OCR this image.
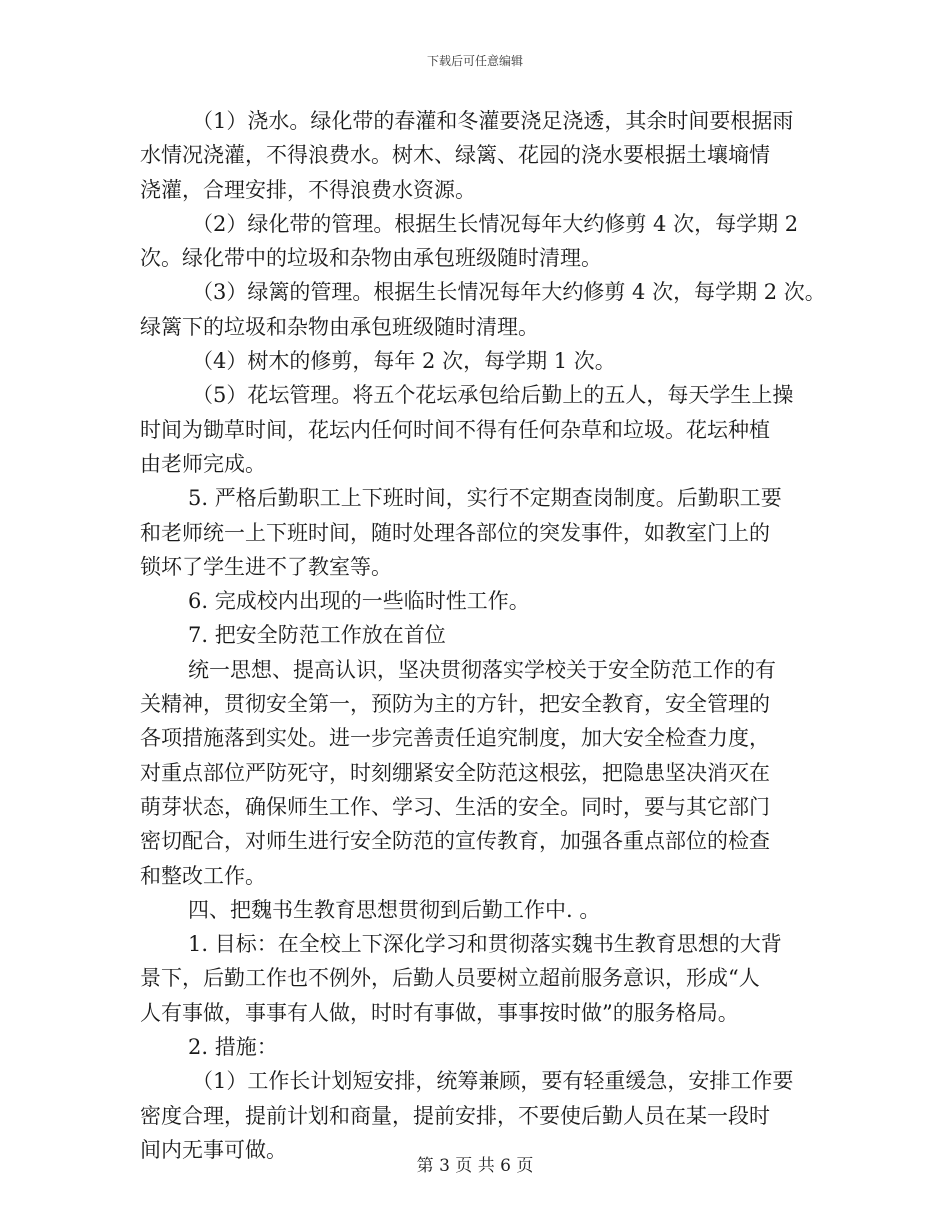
下载后可任意编辑
（1）浇水。绿化带的春灌和冬灌要浇足浇透，其余时间要根据雨
水情况浇灌，不得浪费水。树木、绿篱、花园的浇水要根据土壤墒情
浇灌，合理安排，不得浪费水资源。
（2）绿化带的管理。根据生长情况每年大约修剪 4 次，每学期 2
次。绿化带中的垃圾和杂物由承包班级随时清理。
（3）绿篱的管理。根据生长情况每年大约修剪 4 次，每学期 2 次。
绿篱下的垃圾和杂物由承包班级随时清理。
（4）树木的修剪，每年 2 次，每学期 1 次。
（5）花坛管理。将五个花坛承包给后勤上的五人，每天学生上操
时间为锄草时间，花坛内任何时间不得有任何杂草和垃圾。花坛种植
由老师完成。
5. 严格后勤职工上下班时间，实行不定期查岗制度。后勤职工要
和老师统一上下班时间，随时处理各部位的突发事件，如教室门上的
锁坏了学生进不了教室等。
6. 完成校内出现的一些临时性工作。
7. 把安全防范工作放在首位
统一思想、提高认识，坚决贯彻落实学校关于安全防范工作的有
关精神，贯彻安全第一，预防为主的方针，把安全教育，安全管理的
各项措施落到实处。进一步完善责任追究制度，加大安全检查力度，
对重点部位严防死守，时刻绷紧安全防范这根弦，把隐患坚决消灭在
萌芽状态，确保师生工作、学习、生活的安全。同时，要与其它部门
密切配合，对师生进行安全防范的宣传教育，加强各重点部位的检查
和整改工作。
四、把魏书生教育思想贯彻到后勤工作中. 。
1. 目标：在全校上下深化学习和贯彻落实魏书生教育思想的大背
景下，后勤工作也不例外，后勤人员要树立超前服务意识，形成“人
人有事做，事事有人做，时时有事做，事事按时做”的服务格局。
2. 措施：
（1）工作长计划短安排，统筹兼顾，要有轻重缓急，安排工作要
密度合理，提前计划和商量，提前安排，不要使后勤人员在某一段时
间内无事可做。
第 3 页 共 6 页
